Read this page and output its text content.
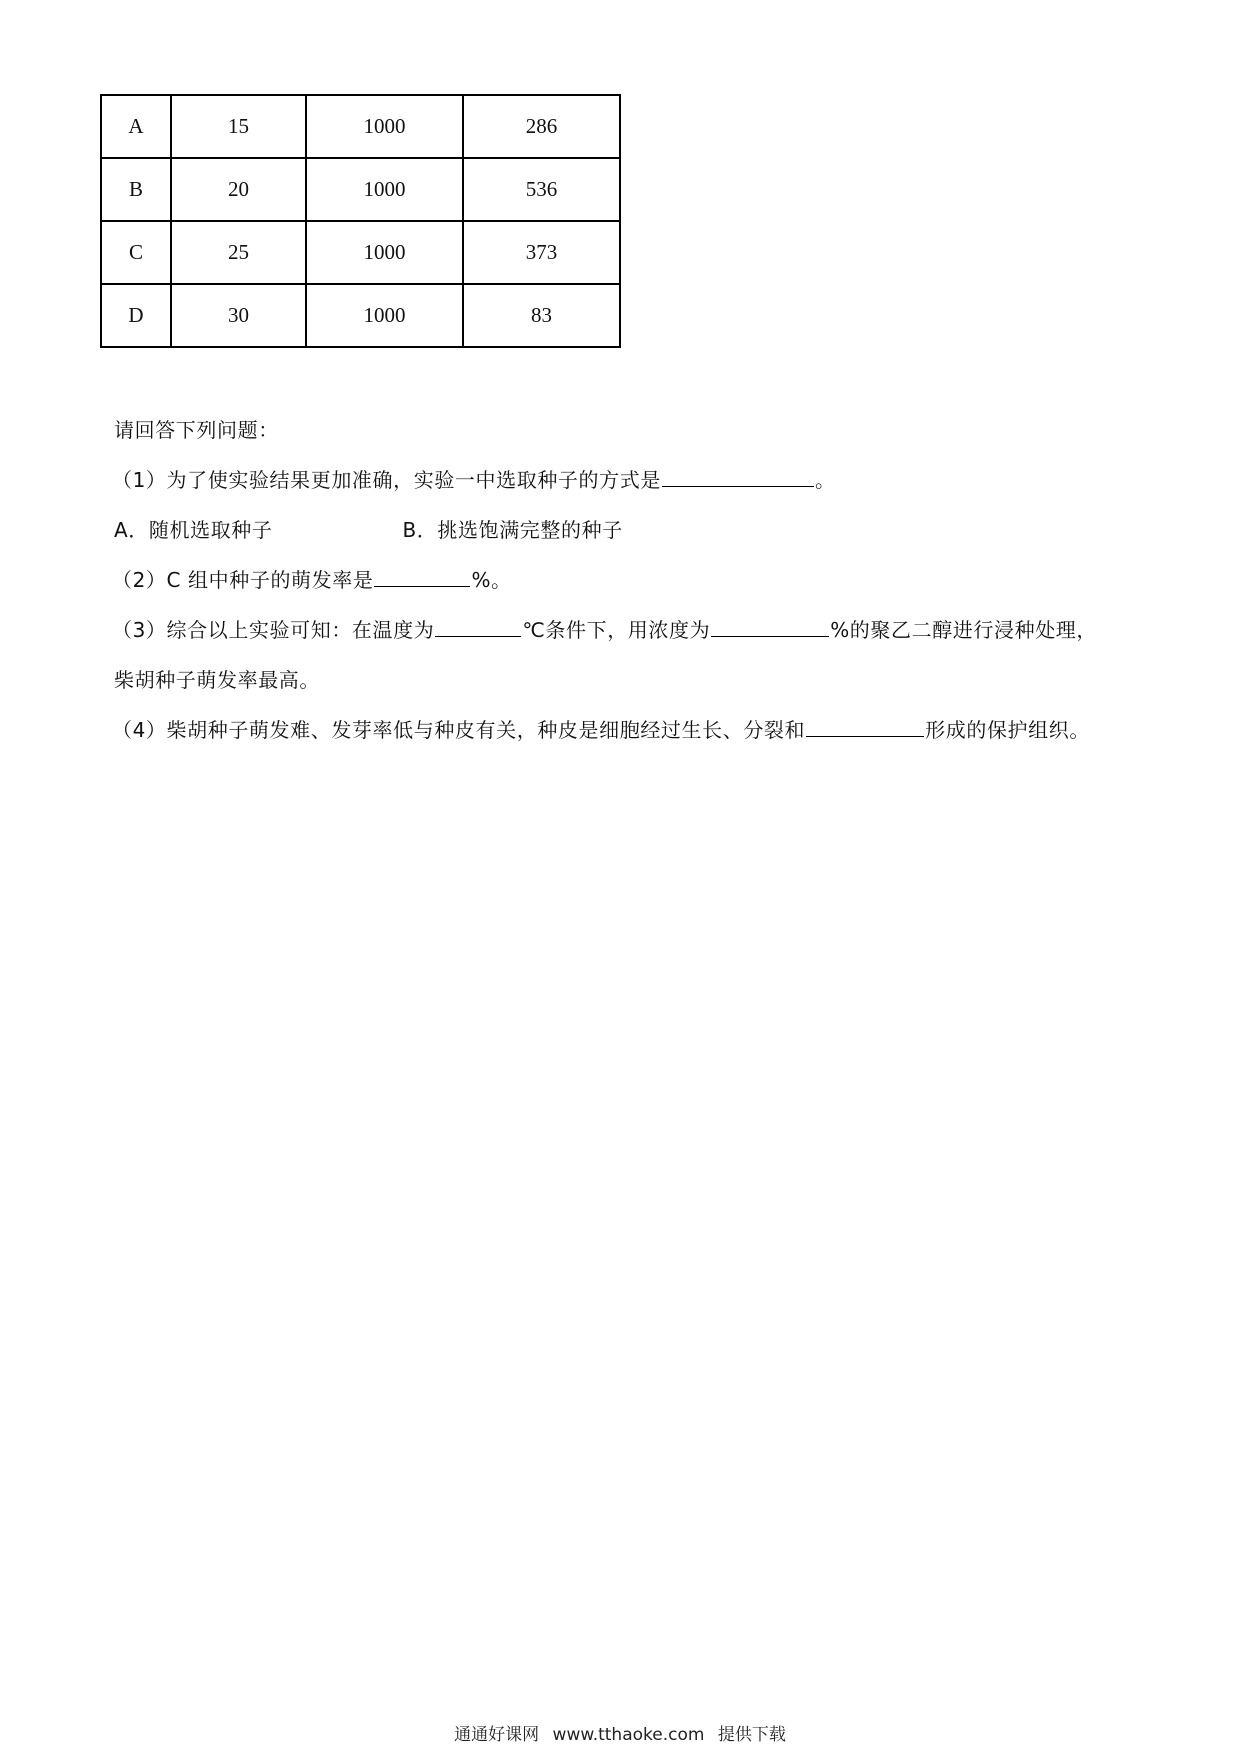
A	15	1000	286
B	20	1000	536
C	25	1000	373
D	30	1000	83
请回答下列问题：
（1）为了使实验结果更加准确，实验一中选取种子的方式是	。
A．随机选取种子	B．挑选饱满完整的种子
（2）C 组中种子的萌发率是	%。
（3）综合以上实验可知：在温度为	℃条件下，用浓度为	%的聚乙二醇进行浸种处理，
柴胡种子萌发率最高。
（4）柴胡种子萌发难、发芽率低与种皮有关，种皮是细胞经过生长、分裂和	形成的保护组织。
通通好课网 www.tthaoke.com 提供下载
